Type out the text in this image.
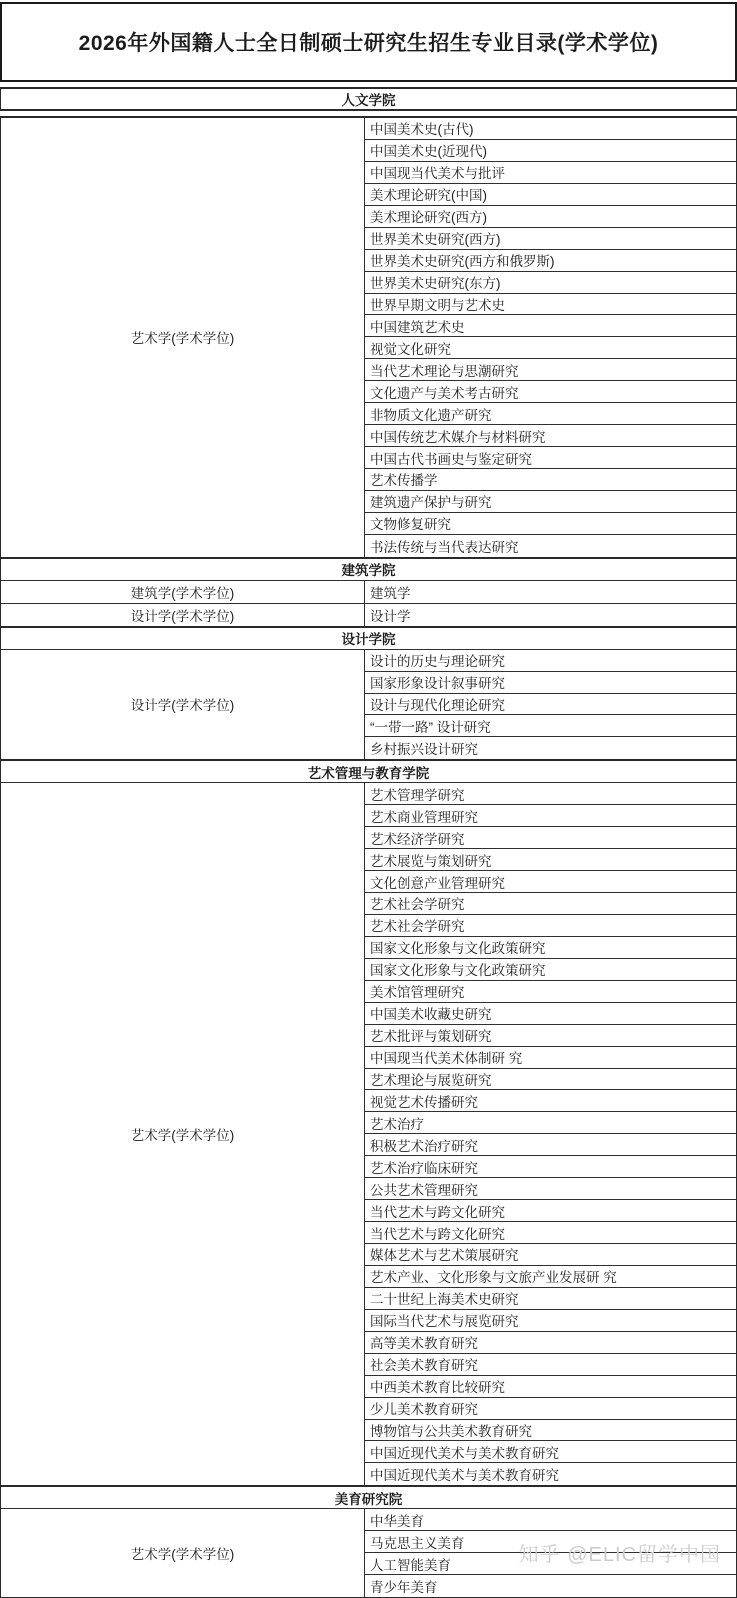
2026年外国籍人士全日制硕士研究生招生专业目录(学术学位)
人文学院
艺术学(学术学位)
中国美术史(古代)
中国美术史(近现代)
中国现当代美术与批评
美术理论研究(中国)
美术理论研究(西方)
世界美术史研究(西方)
世界美术史研究(西方和俄罗斯)
世界美术史研究(东方)
世界早期文明与艺术史
中国建筑艺术史
视觉文化研究
当代艺术理论与思潮研究
文化遗产与美术考古研究
非物质文化遗产研究
中国传统艺术媒介与材料研究
中国古代书画史与鉴定研究
艺术传播学
建筑遗产保护与研究
文物修复研究
书法传统与当代表达研究
建筑学院
建筑学(学术学位)	建筑学
设计学(学术学位)	设计学
设计学院
设计学(学术学位)
设计的历史与理论研究
国家形象设计叙事研究
设计与现代化理论研究
“一带一路” 设计研究
乡村振兴设计研究
艺术管理与教育学院
艺术学(学术学位)
艺术管理学研究
艺术商业管理研究
艺术经济学研究
艺术展览与策划研究
文化创意产业管理研究
艺术社会学研究
艺术社会学研究
国家文化形象与文化政策研究
国家文化形象与文化政策研究
美术馆管理研究
中国美术收藏史研究
艺术批评与策划研究
中国现当代美术体制研 究
艺术理论与展览研究
视觉艺术传播研究
艺术治疗
积极艺术治疗研究
艺术治疗临床研究
公共艺术管理研究
当代艺术与跨文化研究
当代艺术与跨文化研究
媒体艺术与艺术策展研究
艺术产业、文化形象与文旅产业发展研 究
二十世纪上海美术史研究
国际当代艺术与展览研究
高等美术教育研究
社会美术教育研究
中西美术教育比较研究
少儿美术教育研究
博物馆与公共美术教育研究
中国近现代美术与美术教育研究
中国近现代美术与美术教育研究
美育研究院
艺术学(学术学位)
中华美育
马克思主义美育
人工智能美育
青少年美育
知乎 @ELIC留学中国
